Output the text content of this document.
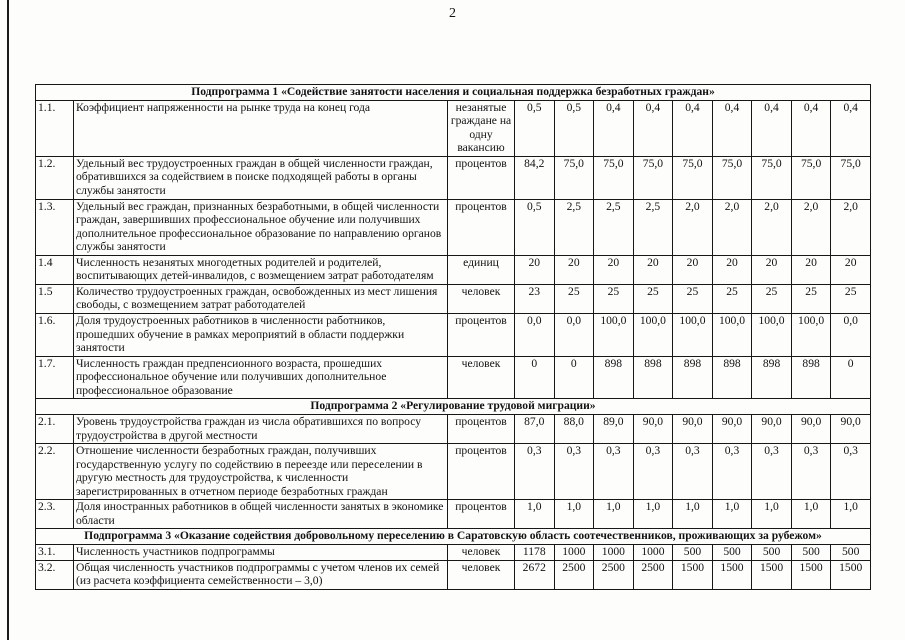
2
Подпрограмма 1 «Содействие занятости населения и социальная поддержка безработных граждан»											
1.1.	Коэффициент напряженности на рынке труда на конец года	незанятые граждане на одну вакансию	0,5	0,5	0,4	0,4	0,4	0,4	0,4	0,4	0,4
1.2.	Удельный вес трудоустроенных граждан в общей численности граждан, обратившихся за содействием в поиске подходящей работы в органы службы занятости	процентов	84,2	75,0	75,0	75,0	75,0	75,0	75,0	75,0	75,0
1.3.	Удельный вес граждан, признанных безработными, в общей численности граждан, завершивших профессиональное обучение или получивших дополнительное профессиональное образование по направлению органов службы занятости	процентов	0,5	2,5	2,5	2,5	2,0	2,0	2,0	2,0	2,0
1.4	Численность незанятых многодетных родителей и родителей, воспитывающих детей-инвалидов, с возмещением затрат работодателям	единиц	20	20	20	20	20	20	20	20	20
1.5	Количество трудоустроенных граждан, освобожденных из мест лишения свободы, с возмещением затрат работодателей	человек	23	25	25	25	25	25	25	25	25
1.6.	Доля трудоустроенных работников в численности работников, прошедших обучение в рамках мероприятий в области поддержки занятости	процентов	0,0	0,0	100,0	100,0	100,0	100,0	100,0	100,0	0,0
1.7.	Численность граждан предпенсионного возраста, прошедших профессиональное обучение или получивших дополнительное профессиональное образование	человек	0	0	898	898	898	898	898	898	0
Подпрограмма 2 «Регулирование трудовой миграции»											
2.1.	Уровень трудоустройства граждан из числа обратившихся по вопросу трудоустройства в другой местности	процентов	87,0	88,0	89,0	90,0	90,0	90,0	90,0	90,0	90,0
2.2.	Отношение численности безработных граждан, получивших государственную услугу по содействию в переезде или переселении в другую местность для трудоустройства, к численности зарегистрированных в отчетном периоде безработных граждан	процентов	0,3	0,3	0,3	0,3	0,3	0,3	0,3	0,3	0,3
2.3.	Доля иностранных работников в общей численности занятых в экономике области	процентов	1,0	1,0	1,0	1,0	1,0	1,0	1,0	1,0	1,0
Подпрограмма 3 «Оказание содействия добровольному переселению в Саратовскую область соотечественников, проживающих за рубежом»											
3.1.	Численность участников подпрограммы	человек	1178	1000	1000	1000	500	500	500	500	500
3.2.	Общая численность участников подпрограммы с учетом членов их семей (из расчета коэффициента семейственности – 3,0)	человек	2672	2500	2500	2500	1500	1500	1500	1500	1500
